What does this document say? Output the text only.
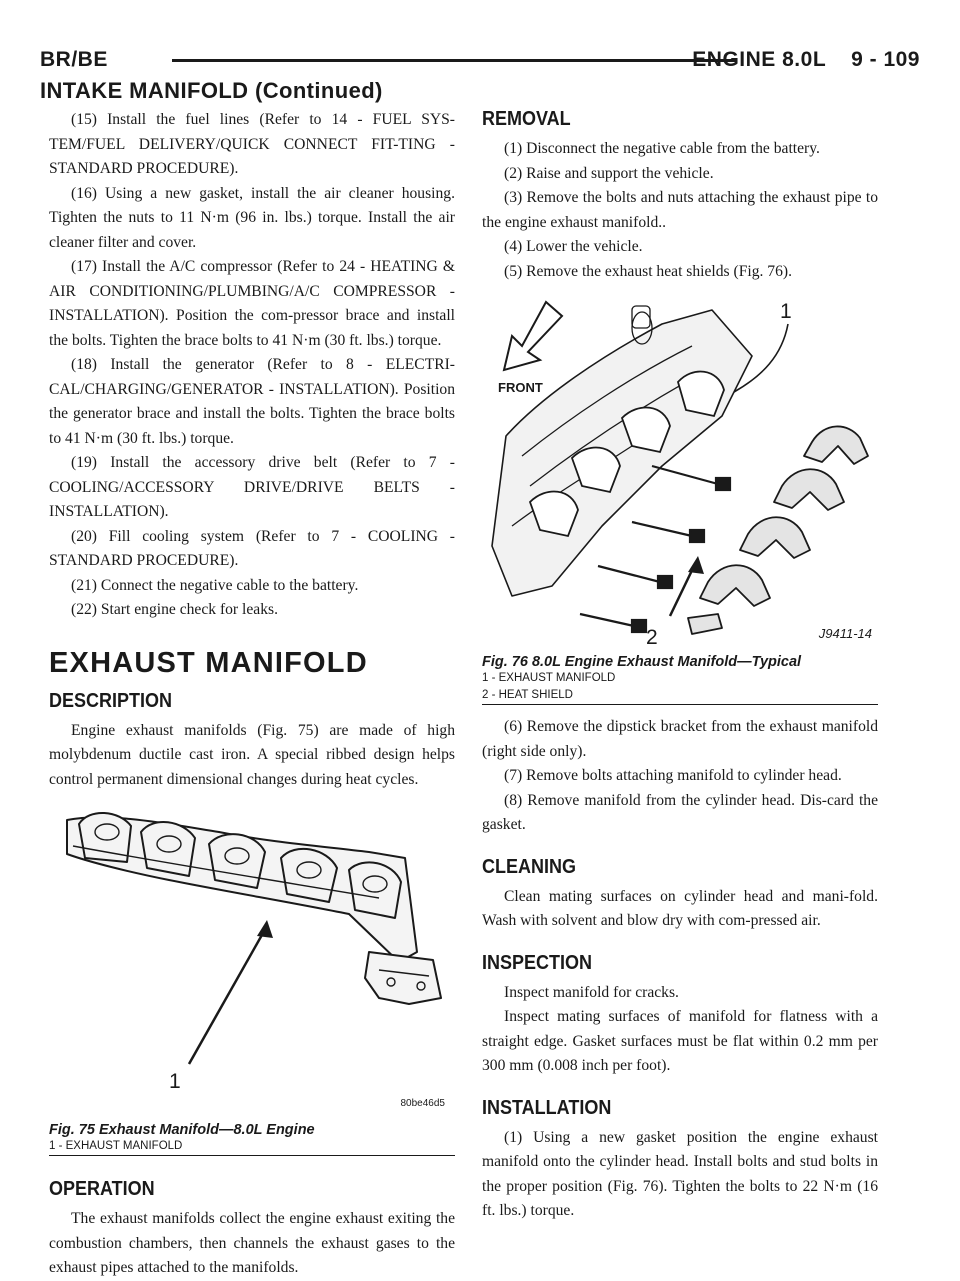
BR/BE	ENGINE 8.0L    9 - 109
INTAKE MANIFOLD (Continued)

(15) Install the fuel lines (Refer to 14 - FUEL SYS-TEM/FUEL DELIVERY/QUICK CONNECT FIT-TING - STANDARD PROCEDURE).

(16) Using a new gasket, install the air cleaner housing. Tighten the nuts to 11 N·m (96 in. lbs.) torque. Install the air cleaner filter and cover.

(17) Install the A/C compressor (Refer to 24 - HEATING & AIR CONDITIONING/PLUMBING/A/C COMPRESSOR - INSTALLATION). Position the com-pressor brace and install the bolts. Tighten the brace bolts to 41 N·m (30 ft. lbs.) torque.

(18) Install the generator (Refer to 8 - ELECTRI-CAL/CHARGING/GENERATOR - INSTALLATION). Position the generator brace and install the bolts. Tighten the brace bolts to 41 N·m (30 ft. lbs.) torque.

(19) Install the accessory drive belt (Refer to 7 - COOLING/ACCESSORY DRIVE/DRIVE BELTS - INSTALLATION).

(20) Fill cooling system (Refer to 7 - COOLING - STANDARD PROCEDURE).

(21) Connect the negative cable to the battery.

(22) Start engine check for leaks.

EXHAUST MANIFOLD
DESCRIPTION

Engine exhaust manifolds (Fig. 75) are made of high molybdenum ductile cast iron. A special ribbed design helps control permanent dimensional changes during heat cycles.

1
80be46d5
Fig. 75 Exhaust Manifold—8.0L Engine
1 - EXHAUST MANIFOLD
OPERATION

The exhaust manifolds collect the engine exhaust exiting the combustion chambers, then channels the exhaust gases to the exhaust pipes attached to the manifolds.

REMOVAL

(1) Disconnect the negative cable from the battery.

(2) Raise and support the vehicle.

(3) Remove the bolts and nuts attaching the exhaust pipe to the engine exhaust manifold..

(4) Lower the vehicle.

(5) Remove the exhaust heat shields (Fig. 76).

FRONT
1
2	J9411-14
Fig. 76 8.0L Engine Exhaust Manifold—Typical
1 - EXHAUST MANIFOLD
2 - HEAT SHIELD

(6) Remove the dipstick bracket from the exhaust manifold (right side only).

(7) Remove bolts attaching manifold to cylinder head.

(8) Remove manifold from the cylinder head. Dis-card the gasket.

CLEANING

Clean mating surfaces on cylinder head and mani-fold. Wash with solvent and blow dry with com-pressed air.

INSPECTION

Inspect manifold for cracks.

Inspect mating surfaces of manifold for flatness with a straight edge. Gasket surfaces must be flat within 0.2 mm per 300 mm (0.008 inch per foot).

INSTALLATION

(1) Using a new gasket position the engine exhaust manifold onto the cylinder head. Install bolts and stud bolts in the proper position (Fig. 76). Tighten the bolts to 22 N·m (16 ft. lbs.) torque.
